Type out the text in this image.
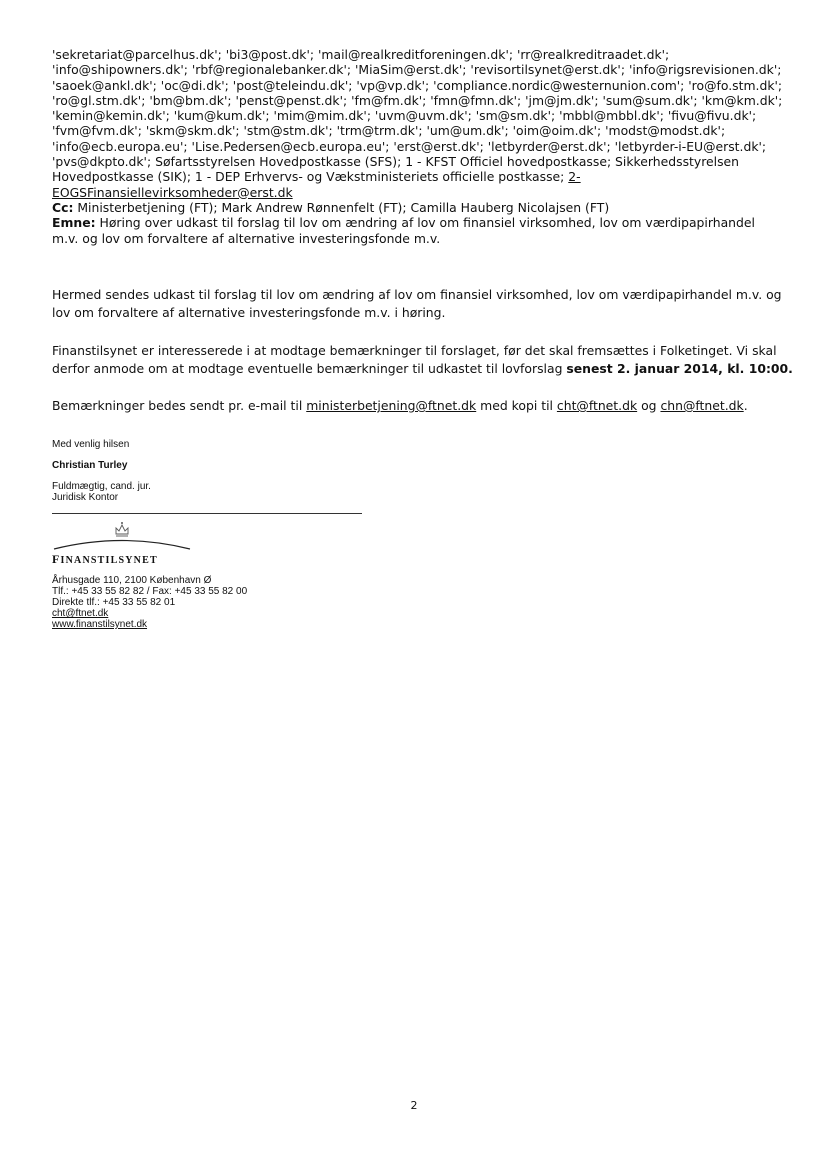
'sekretariat@parcelhus.dk'; 'bi3@post.dk'; 'mail@realkreditforeningen.dk'; 'rr@realkreditraadet.dk';
'info@shipowners.dk'; 'rbf@regionalebanker.dk'; 'MiaSim@erst.dk'; 'revisortilsynet@erst.dk'; 'info@rigsrevisionen.dk';
'saoek@ankl.dk'; 'oc@di.dk'; 'post@teleindu.dk'; 'vp@vp.dk'; 'compliance.nordic@westernunion.com'; 'ro@fo.stm.dk';
'ro@gl.stm.dk'; 'bm@bm.dk'; 'penst@penst.dk'; 'fm@fm.dk'; 'fmn@fmn.dk'; 'jm@jm.dk'; 'sum@sum.dk'; 'km@km.dk';
'kemin@kemin.dk'; 'kum@kum.dk'; 'mim@mim.dk'; 'uvm@uvm.dk'; 'sm@sm.dk'; 'mbbl@mbbl.dk'; 'fivu@fivu.dk';
'fvm@fvm.dk'; 'skm@skm.dk'; 'stm@stm.dk'; 'trm@trm.dk'; 'um@um.dk'; 'oim@oim.dk'; 'modst@modst.dk';
'info@ecb.europa.eu'; 'Lise.Pedersen@ecb.europa.eu'; 'erst@erst.dk'; 'letbyrder@erst.dk'; 'letbyrder-i-EU@erst.dk';
'pvs@dkpto.dk'; Søfartsstyrelsen Hovedpostkasse (SFS); 1 - KFST Officiel hovedpostkasse; Sikkerhedsstyrelsen
Hovedpostkasse (SIK); 1 - DEP Erhvervs- og Vækstministeriets officielle postkasse; 2-
EOGSFinansiellevirksomheder@erst.dk
Cc: Ministerbetjening (FT); Mark Andrew Rønnenfelt (FT); Camilla Hauberg Nicolajsen (FT)
Emne: Høring over udkast til forslag til lov om ændring af lov om finansiel virksomhed, lov om værdipapirhandel
m.v. og lov om forvaltere af alternative investeringsfonde m.v.
Hermed sendes udkast til forslag til lov om ændring af lov om finansiel virksomhed, lov om værdipapirhandel m.v. og
lov om forvaltere af alternative investeringsfonde m.v. i høring.
Finanstilsynet er interesserede i at modtage bemærkninger til forslaget, før det skal fremsættes i Folketinget. Vi skal
derfor anmode om at modtage eventuelle bemærkninger til udkastet til lovforslag senest 2. januar 2014, kl. 10:00.
Bemærkninger bedes sendt pr. e-mail til ministerbetjening@ftnet.dk med kopi til cht@ftnet.dk og chn@ftnet.dk.
Med venlig hilsen
Christian Turley
Fuldmægtig, cand. jur.
Juridisk Kontor
FINANSTILSYNET
Århusgade 110, 2100 København Ø
Tlf.: +45 33 55 82 82 / Fax: +45 33 55 82 00
Direkte tlf.: +45 33 55 82 01
cht@ftnet.dk
www.finanstilsynet.dk
2
